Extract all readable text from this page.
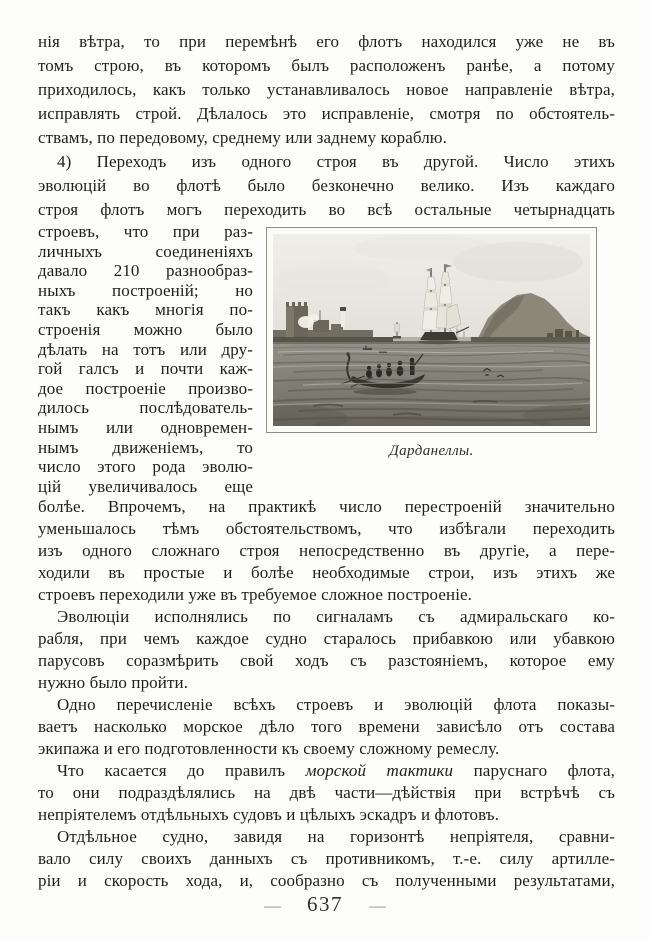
нія вѣтра, то при перемѣнѣ его флотъ находился уже не въ
томъ строю, въ которомъ былъ расположенъ ранѣе, а потому
приходилось, какъ только устанавливалось новое направленіе вѣтра,
исправлять строй. Дѣлалось это исправленіе, смотря по обстоятель-
ствамъ, по передовому, среднему или заднему кораблю.
4) Переходъ изъ одного строя въ другой. Число этихъ
эволюцій во флотѣ было безконечно велико. Изъ каждаго
строя флотъ могъ переходить во всѣ остальные четырнадцать
строевъ, что при раз-
личныхъ соединеніяхъ
давало 210 разнообраз-
ныхъ построеній; но
такъ какъ многія по-
строенія можно было
дѣлать на тотъ или дру-
гой галсъ и почти каж-
дое построеніе произво-
дилось послѣдователь-
нымъ или одновремен-
нымъ движеніемъ, то
число этого рода эволю-
цій увеличивалось еще
болѣе. Впрочемъ, на практикѣ число перестроеній значительно
уменьшалось тѣмъ обстоятельствомъ, что избѣгали переходить
изъ одного сложнаго строя непосредственно въ другіе, а пере-
ходили въ простые и болѣе необходимые строи, изъ этихъ же
строевъ переходили уже въ требуемое сложное построеніе.
Эволюціи исполнялись по сигналамъ съ адмиральскаго ко-
рабля, при чемъ каждое судно старалось прибавкою или убавкою
парусовъ соразмѣрить свой ходъ съ разстояніемъ, которое ему
нужно было пройти.
Одно перечисленіе всѣхъ строевъ и эволюцій флота показы-
ваетъ насколько морское дѣло того времени зависѣло отъ состава
экипажа и его подготовленности къ своему сложному ремеслу.
Что касается до правилъ морской тактики паруснаго флота,
то они подраздѣлялись на двѣ части—дѣйствія при встрѣчѣ съ
непріятелемъ отдѣльныхъ судовъ и цѣлыхъ эскадръ и флотовъ.
Отдѣльное судно, завидя на горизонтѣ непріятеля, сравни-
вало силу своихъ данныхъ съ противникомъ, т.-е. силу артилле-
ріи и скорость хода, и, сообразно съ полученными результатами,
Дарданеллы.
— 637 —
